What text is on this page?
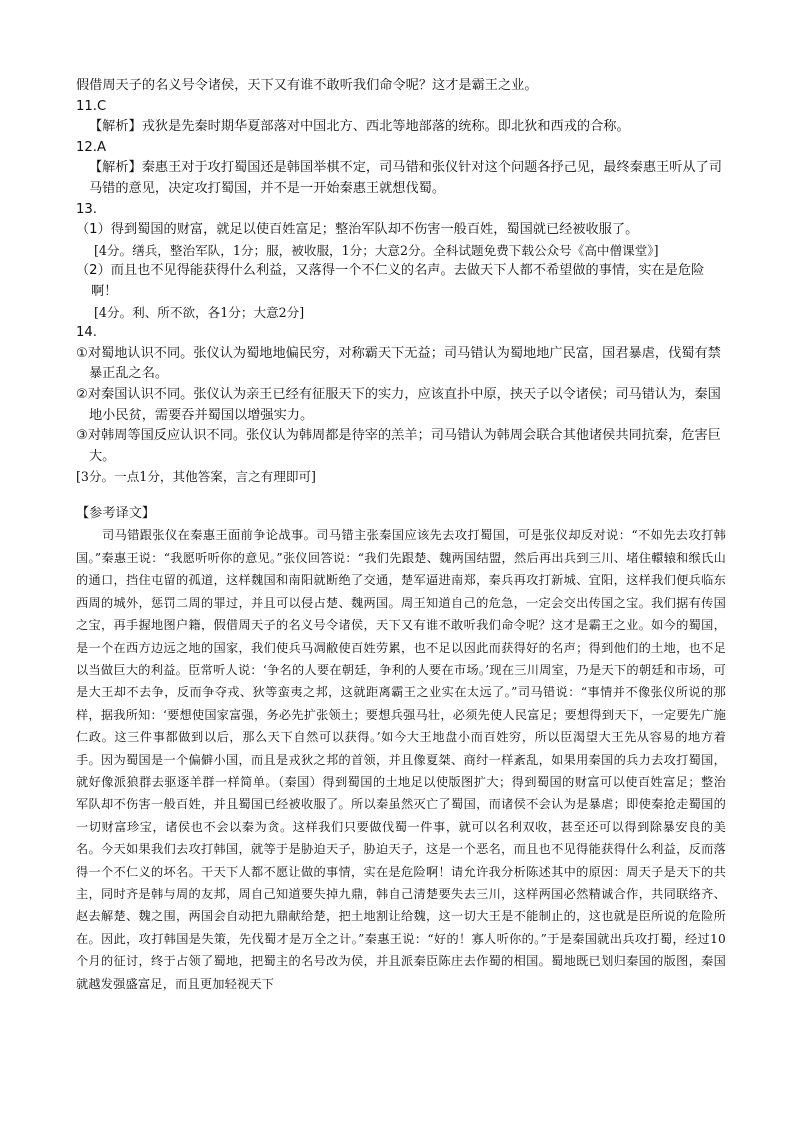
假借周天子的名义号令诸侯，天下又有谁不敢听我们命令呢？这才是霸王之业。

11.C

【解析】戎狄是先秦时期华夏部落对中国北方、西北等地部落的统称。即北狄和西戎的合称。

12.A

【解析】秦惠王对于攻打蜀国还是韩国举棋不定，司马错和张仪针对这个问题各抒己见，最终秦惠王听从了司马错的意见，决定攻打蜀国，并不是一开始秦惠王就想伐蜀。

13.

（1）得到蜀国的财富，就足以使百姓富足；整治军队却不伤害一般百姓，蜀国就已经被收服了。

[4分。缮兵，整治军队，1分；服，被收服，1分；大意2分。全科试题免费下载公众号《高中僧课堂》]

（2）而且也不见得能获得什么利益，又落得一个不仁义的名声。去做天下人都不希望做的事情，实在是危险啊！

[4分。利、所不欲，各1分；大意2分]

14.

①对蜀地认识不同。张仪认为蜀地地偏民穷，对称霸天下无益；司马错认为蜀地地广民富，国君暴虐，伐蜀有禁暴正乱之名。

②对秦国认识不同。张仪认为亲王已经有征服天下的实力，应该直扑中原，挟天子以令诸侯；司马错认为，秦国地小民贫，需要吞并蜀国以增强实力。

③对韩周等国反应认识不同。张仪认为韩周都是待宰的羔羊；司马错认为韩周会联合其他诸侯共同抗秦，危害巨大。

[3分。一点1分，其他答案，言之有理即可]

【参考译文】

司马错跟张仪在秦惠王面前争论战事。司马错主张秦国应该先去攻打蜀国，可是张仪却反对说：“不如先去攻打韩国。”秦惠王说：“我愿听听你的意见。”张仪回答说：“我们先跟楚、魏两国结盟，然后再出兵到三川、堵住轘辕和缑氏山的通口，挡住屯留的孤道，这样魏国和南阳就断绝了交通，楚军逼进南郑，秦兵再攻打新城、宜阳，这样我们便兵临东西周的城外，惩罚二周的罪过，并且可以侵占楚、魏两国。周王知道自己的危急，一定会交出传国之宝。我们据有传国之宝，再手握地图户籍，假借周天子的名义号令诸侯，天下又有谁不敢听我们命令呢？这才是霸王之业。如今的蜀国，是一个在西方边远之地的国家，我们使兵马凋敝使百姓劳累，也不足以因此而获得好的名声；得到他们的土地，也不足以当做巨大的利益。臣常听人说：‘争名的人要在朝廷，争利的人要在市场。’现在三川周室，乃是天下的朝廷和市场，可是大王却不去争，反而争夺戎、狄等蛮夷之邦，这就距离霸王之业实在太远了。”司马错说：“事情并不像张仪所说的那样，据我所知：‘要想使国家富强，务必先扩张领土；要想兵强马壮，必须先使人民富足；要想得到天下，一定要先广施仁政。这三件事都做到以后，那么天下自然可以获得。’如今大王地盘小而百姓穷，所以臣渴望大王先从容易的地方着手。因为蜀国是一个偏僻小国，而且是戎狄之邦的首领，并且像夏桀、商纣一样紊乱，如果用秦国的兵力去攻打蜀国，就好像派狼群去驱逐羊群一样简单。（秦国）得到蜀国的土地足以使版图扩大；得到蜀国的财富可以使百姓富足；整治军队却不伤害一般百姓，并且蜀国已经被收服了。所以秦虽然灭亡了蜀国，而诸侯不会认为是暴虐；即使秦抢走蜀国的一切财富珍宝，诸侯也不会以秦为贪。这样我们只要做伐蜀一件事，就可以名利双收，甚至还可以得到除暴安良的美名。今天如果我们去攻打韩国，就等于是胁迫天子，胁迫天子，这是一个恶名，而且也不见得能获得什么利益，反而落得一个不仁义的坏名。干天下人都不愿让做的事情，实在是危险啊！请允许我分析陈述其中的原因：周天子是天下的共主，同时齐是韩与周的友邦，周自己知道要失掉九鼎，韩自己清楚要失去三川，这样两国必然精诚合作，共同联络齐、赵去解楚、魏之围，两国会自动把九鼎献给楚，把土地割让给魏，这一切大王是不能制止的，这也就是臣所说的危险所在。因此，攻打韩国是失策，先伐蜀才是万全之计。”秦惠王说：“好的！寡人听你的。”于是秦国就出兵攻打蜀，经过10个月的征讨，终于占领了蜀地，把蜀主的名号改为侯，并且派秦臣陈庄去作蜀的相国。蜀地既已划归秦国的版图，秦国就越发强盛富足，而且更加轻视天下
